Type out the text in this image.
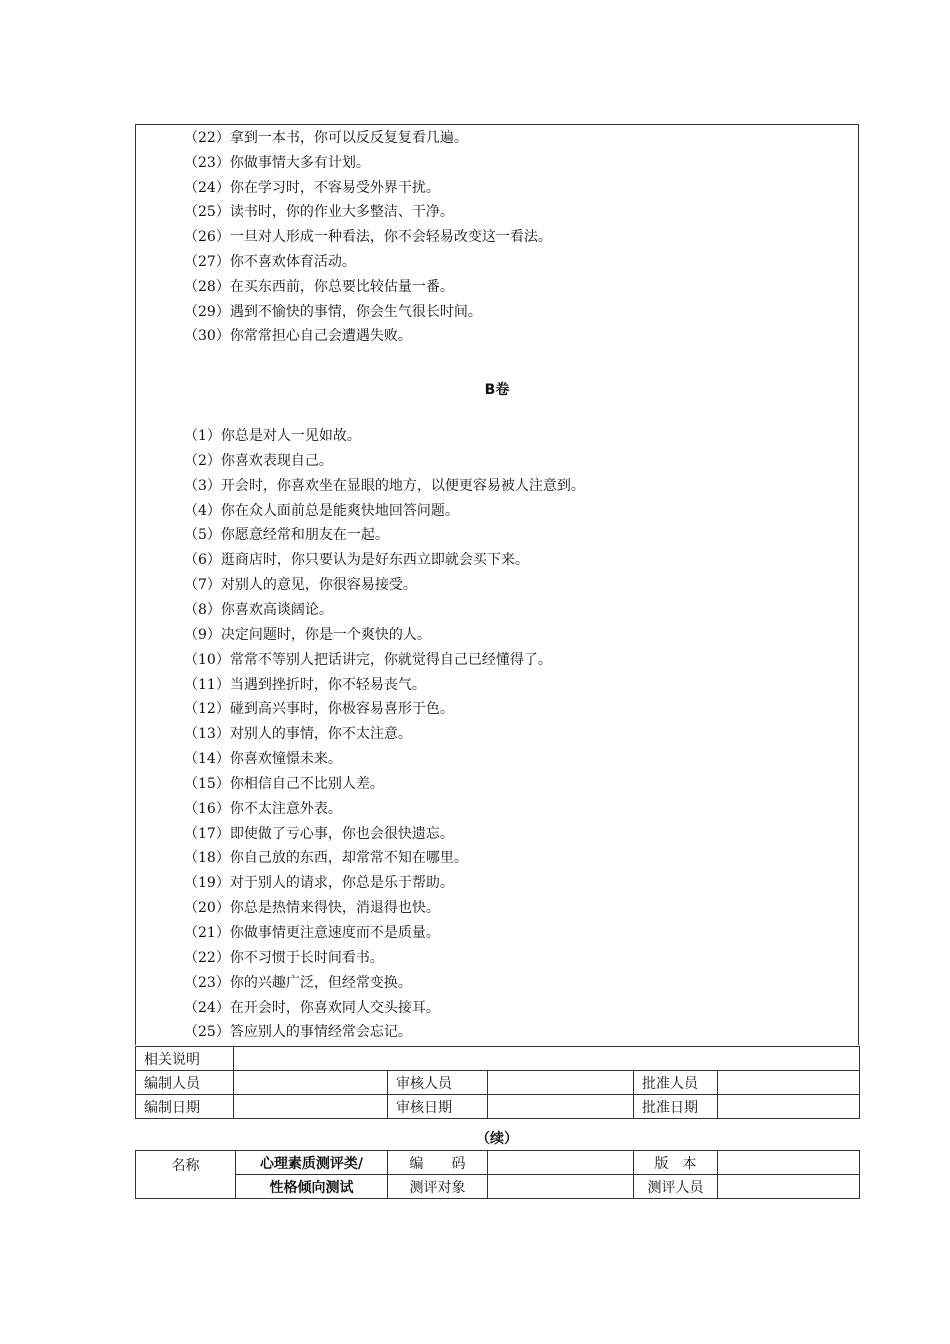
（22）拿到一本书，你可以反反复复看几遍。
（23）你做事情大多有计划。
（24）你在学习时，不容易受外界干扰。
（25）读书时，你的作业大多整洁、干净。
（26）一旦对人形成一种看法，你不会轻易改变这一看法。
（27）你不喜欢体育活动。
（28）在买东西前，你总要比较估量一番。
（29）遇到不愉快的事情，你会生气很长时间。
（30）你常常担心自己会遭遇失败。
B卷
（1）你总是对人一见如故。
（2）你喜欢表现自己。
（3）开会时，你喜欢坐在显眼的地方，以便更容易被人注意到。
（4）你在众人面前总是能爽快地回答问题。
（5）你愿意经常和朋友在一起。
（6）逛商店时，你只要认为是好东西立即就会买下来。
（7）对别人的意见，你很容易接受。
（8）你喜欢高谈阔论。
（9）决定问题时，你是一个爽快的人。
（10）常常不等别人把话讲完，你就觉得自己已经懂得了。
（11）当遇到挫折时，你不轻易丧气。
（12）碰到高兴事时，你极容易喜形于色。
（13）对别人的事情，你不太注意。
（14）你喜欢憧憬未来。
（15）你相信自己不比别人差。
（16）你不太注意外表。
（17）即使做了亏心事，你也会很快遗忘。
（18）你自己放的东西，却常常不知在哪里。
（19）对于别人的请求，你总是乐于帮助。
（20）你总是热情来得快，消退得也快。
（21）你做事情更注意速度而不是质量。
（22）你不习惯于长时间看书。
（23）你的兴趣广泛，但经常变换。
（24）在开会时，你喜欢同人交头接耳。
（25）答应别人的事情经常会忘记。
相关说明					
编制人员		审核人员		批准人员	
编制日期		审核日期		批准日期	
（续）
名称	心理素质测评类/	编　　码		版　本	
	性格倾向测试	测评对象		测评人员	
